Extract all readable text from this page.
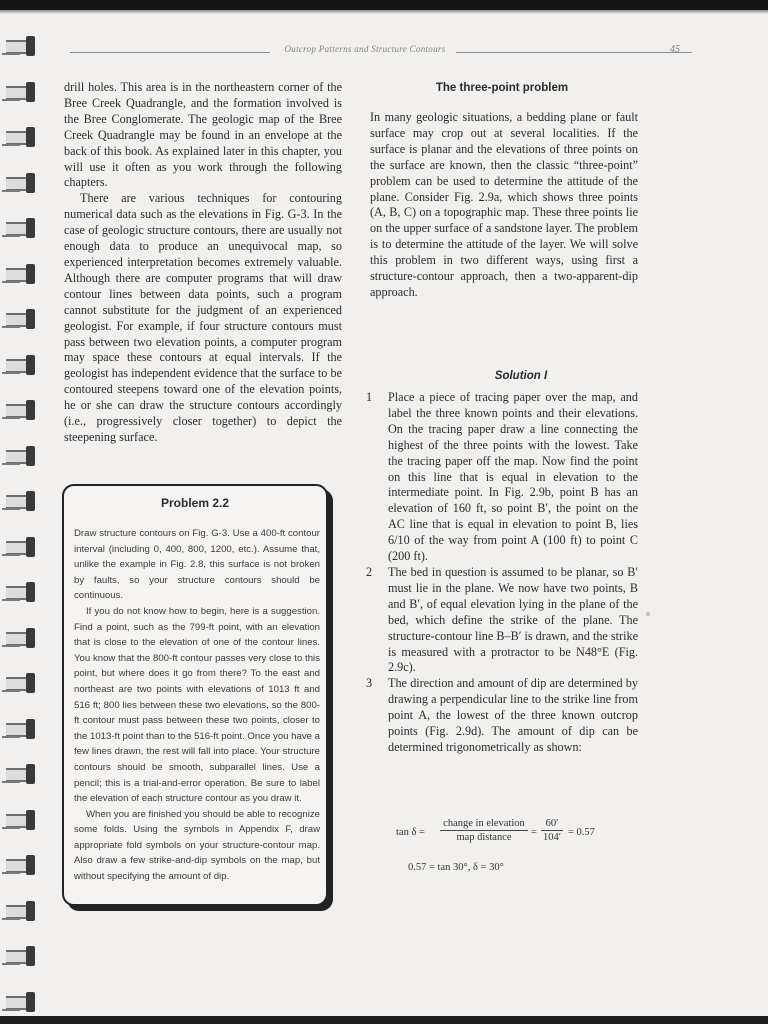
Outcrop Patterns and Structure Contours	45

drill holes. This area is in the northeastern corner of the Bree Creek Quadrangle, and the formation involved is the Bree Conglomerate. The geologic map of the Bree Creek Quadrangle may be found in an envelope at the back of this book. As explained later in this chapter, you will use it often as you work through the following chapters.

There are various techniques for contouring numerical data such as the elevations in Fig. G-3. In the case of geologic structure contours, there are usually not enough data to produce an unequivocal map, so experienced interpretation becomes extremely valuable. Although there are computer programs that will draw contour lines between data points, such a program cannot substitute for the judgment of an experienced geologist. For example, if four structure contours must pass between two elevation points, a computer program may space these contours at equal intervals. If the geologist has independent evidence that the surface to be contoured steepens toward one of the elevation points, he or she can draw the structure contours accordingly (i.e., progressively closer together) to depict the steepening surface.

Problem 2.2

Draw structure contours on Fig. G-3. Use a 400-ft contour interval (including 0, 400, 800, 1200, etc.). Assume that, unlike the example in Fig. 2.8, this surface is not broken by faults, so your structure contours should be continuous.

If you do not know how to begin, here is a suggestion. Find a point, such as the 799-ft point, with an elevation that is close to the elevation of one of the contour lines. You know that the 800-ft contour passes very close to this point, but where does it go from there? To the east and northeast are two points with elevations of 1013 ft and 516 ft; 800 lies between these two elevations, so the 800-ft contour must pass between these two points, closer to the 1013-ft point than to the 516-ft point. Once you have a few lines drawn, the rest will fall into place. Your structure contours should be smooth, subparallel lines. Use a pencil; this is a trial-and-error operation. Be sure to label the elevation of each structure contour as you draw it.

When you are finished you should be able to recognize some folds. Using the symbols in Appendix F, draw appropriate fold symbols on your structure-contour map. Also draw a few strike-and-dip symbols on the map, but without specifying the amount of dip.

The three-point problem

In many geologic situations, a bedding plane or fault surface may crop out at several localities. If the surface is planar and the elevations of three points on the surface are known, then the classic “three-point” problem can be used to determine the attitude of the plane. Consider Fig. 2.9a, which shows three points (A, B, C) on a topographic map. These three points lie on the upper surface of a sandstone layer. The problem is to determine the attitude of the layer. We will solve this problem in two different ways, using first a structure-contour approach, then a two-apparent-dip approach.

Solution I
1 Place a piece of tracing paper over the map, and label the three known points and their elevations. On the tracing paper draw a line connecting the highest of the three points with the lowest. Take the tracing paper off the map. Now find the point on this line that is equal in elevation to the intermediate point. In Fig. 2.9b, point B has an elevation of 160 ft, so point B′, the point on the AC line that is equal in elevation to point B, lies 6/10 of the way from point A (100 ft) to point C (200 ft).

2 The bed in question is assumed to be planar, so B′ must lie in the plane. We now have two points, B and B′, of equal elevation lying in the plane of the bed, which define the strike of the plane. The structure-contour line B–B′ is drawn, and the strike is measured with a protractor to be N48°E (Fig. 2.9c).

3 The direction and amount of dip are determined by drawing a perpendicular line to the strike line from point A, the lowest of the three known outcrop points (Fig. 2.9d). The amount of dip can be determined trigonometrically as shown:

tan δ =
change in elevation
map distance	= $\frac{60'}{104'} = 0.57$
0.57 = tan 30°, δ = 30°
